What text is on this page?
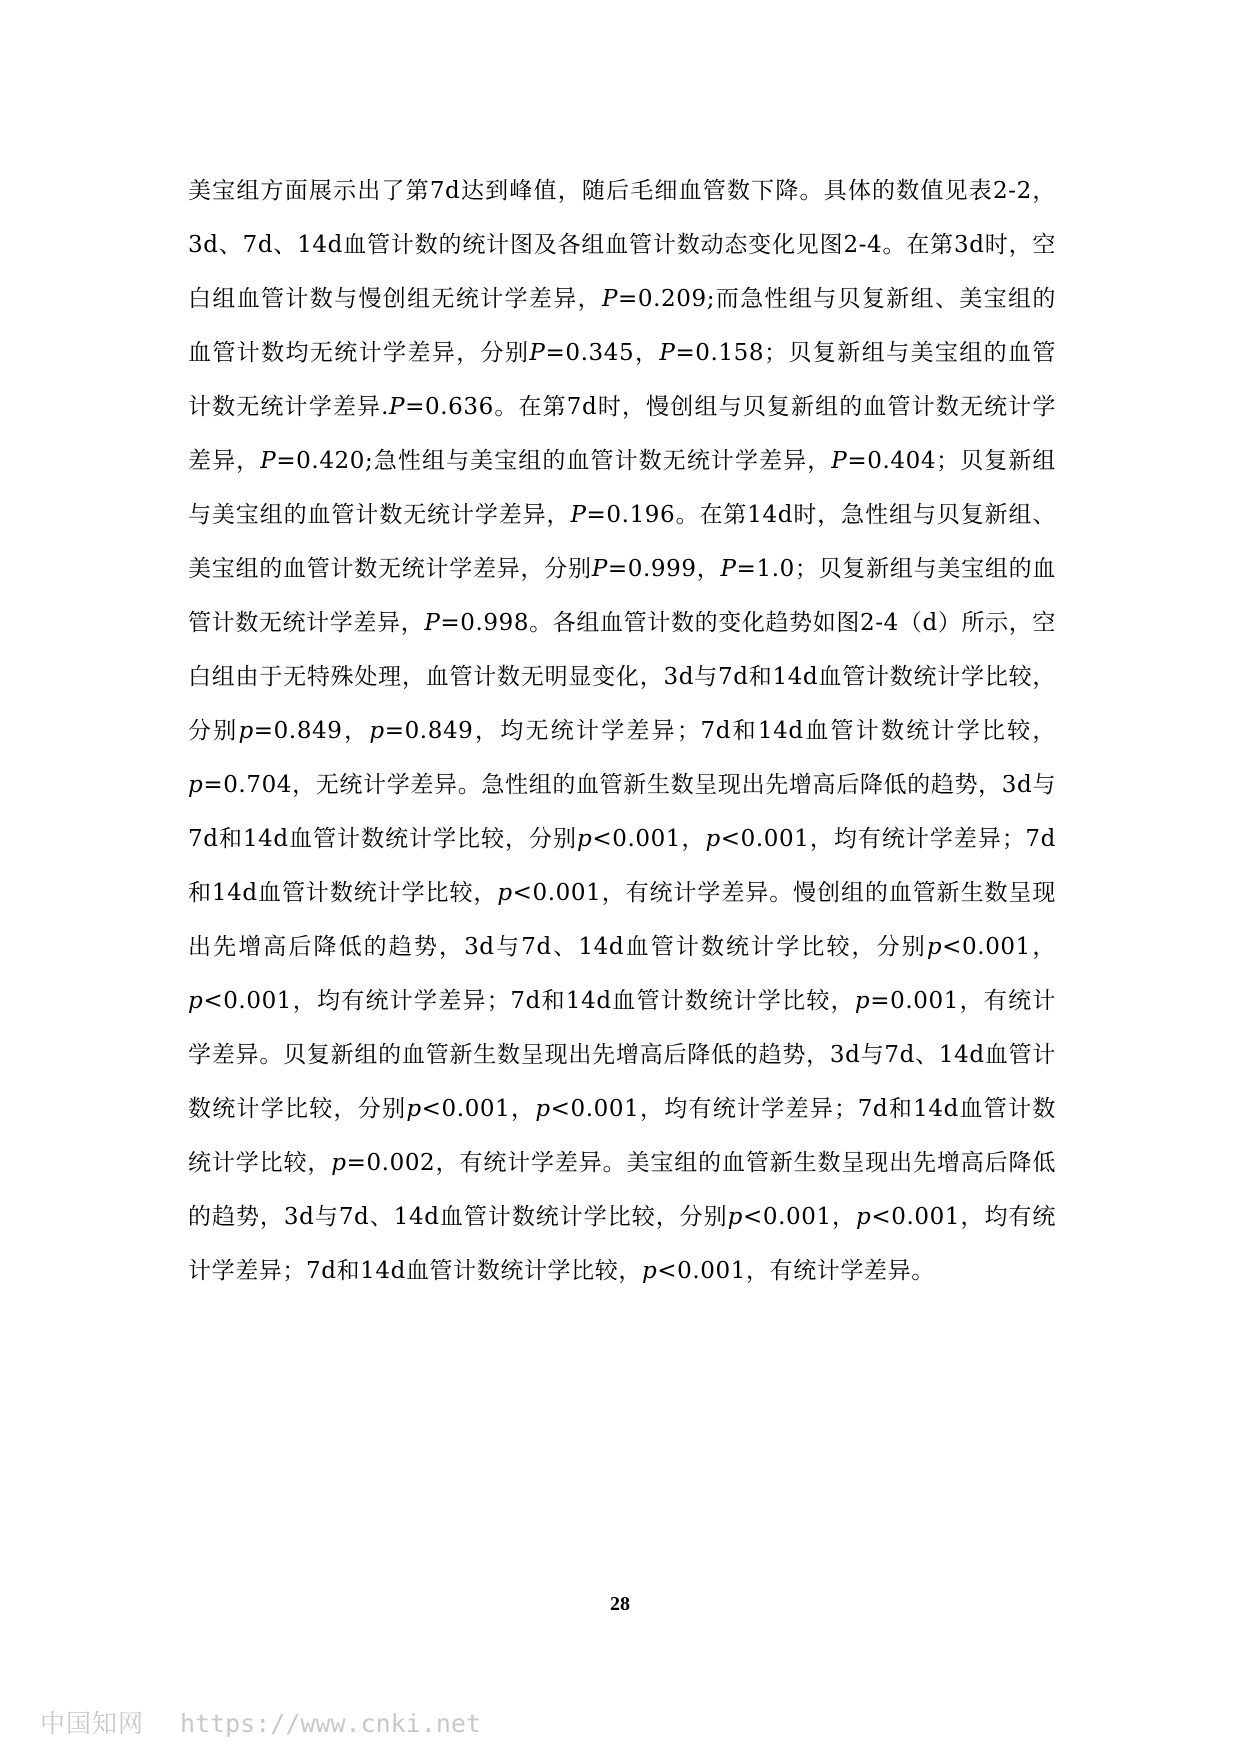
美宝组方面展示出了第7d达到峰值，随后毛细血管数下降。具体的数值见表2-2，3d、7d、14d血管计数的统计图及各组血管计数动态变化见图2-4。在第3d时，空白组血管计数与慢创组无统计学差异，P=0.209;而急性组与贝复新组、美宝组的血管计数均无统计学差异，分别P=0.345，P=0.158；贝复新组与美宝组的血管计数无统计学差异.P=0.636。在第7d时，慢创组与贝复新组的血管计数无统计学差异，P=0.420;急性组与美宝组的血管计数无统计学差异，P=0.404；贝复新组与美宝组的血管计数无统计学差异，P=0.196。在第14d时，急性组与贝复新组、美宝组的血管计数无统计学差异，分别P=0.999，P=1.0；贝复新组与美宝组的血管计数无统计学差异，P=0.998。各组血管计数的变化趋势如图2-4（d）所示，空白组由于无特殊处理，血管计数无明显变化，3d与7d和14d血管计数统计学比较，分别p=0.849，p=0.849，均无统计学差异；7d和14d血管计数统计学比较，p=0.704，无统计学差异。急性组的血管新生数呈现出先增高后降低的趋势，3d与7d和14d血管计数统计学比较，分别p<0.001，p<0.001，均有统计学差异；7d和14d血管计数统计学比较，p<0.001，有统计学差异。慢创组的血管新生数呈现出先增高后降低的趋势，3d与7d、14d血管计数统计学比较，分别p<0.001，p<0.001，均有统计学差异；7d和14d血管计数统计学比较，p=0.001，有统计学差异。贝复新组的血管新生数呈现出先增高后降低的趋势，3d与7d、14d血管计数统计学比较，分别p<0.001，p<0.001，均有统计学差异；7d和14d血管计数统计学比较，p=0.002，有统计学差异。美宝组的血管新生数呈现出先增高后降低的趋势，3d与7d、14d血管计数统计学比较，分别p<0.001，p<0.001，均有统计学差异；7d和14d血管计数统计学比较，p<0.001，有统计学差异。

28
中国知网 https://www.cnki.net
